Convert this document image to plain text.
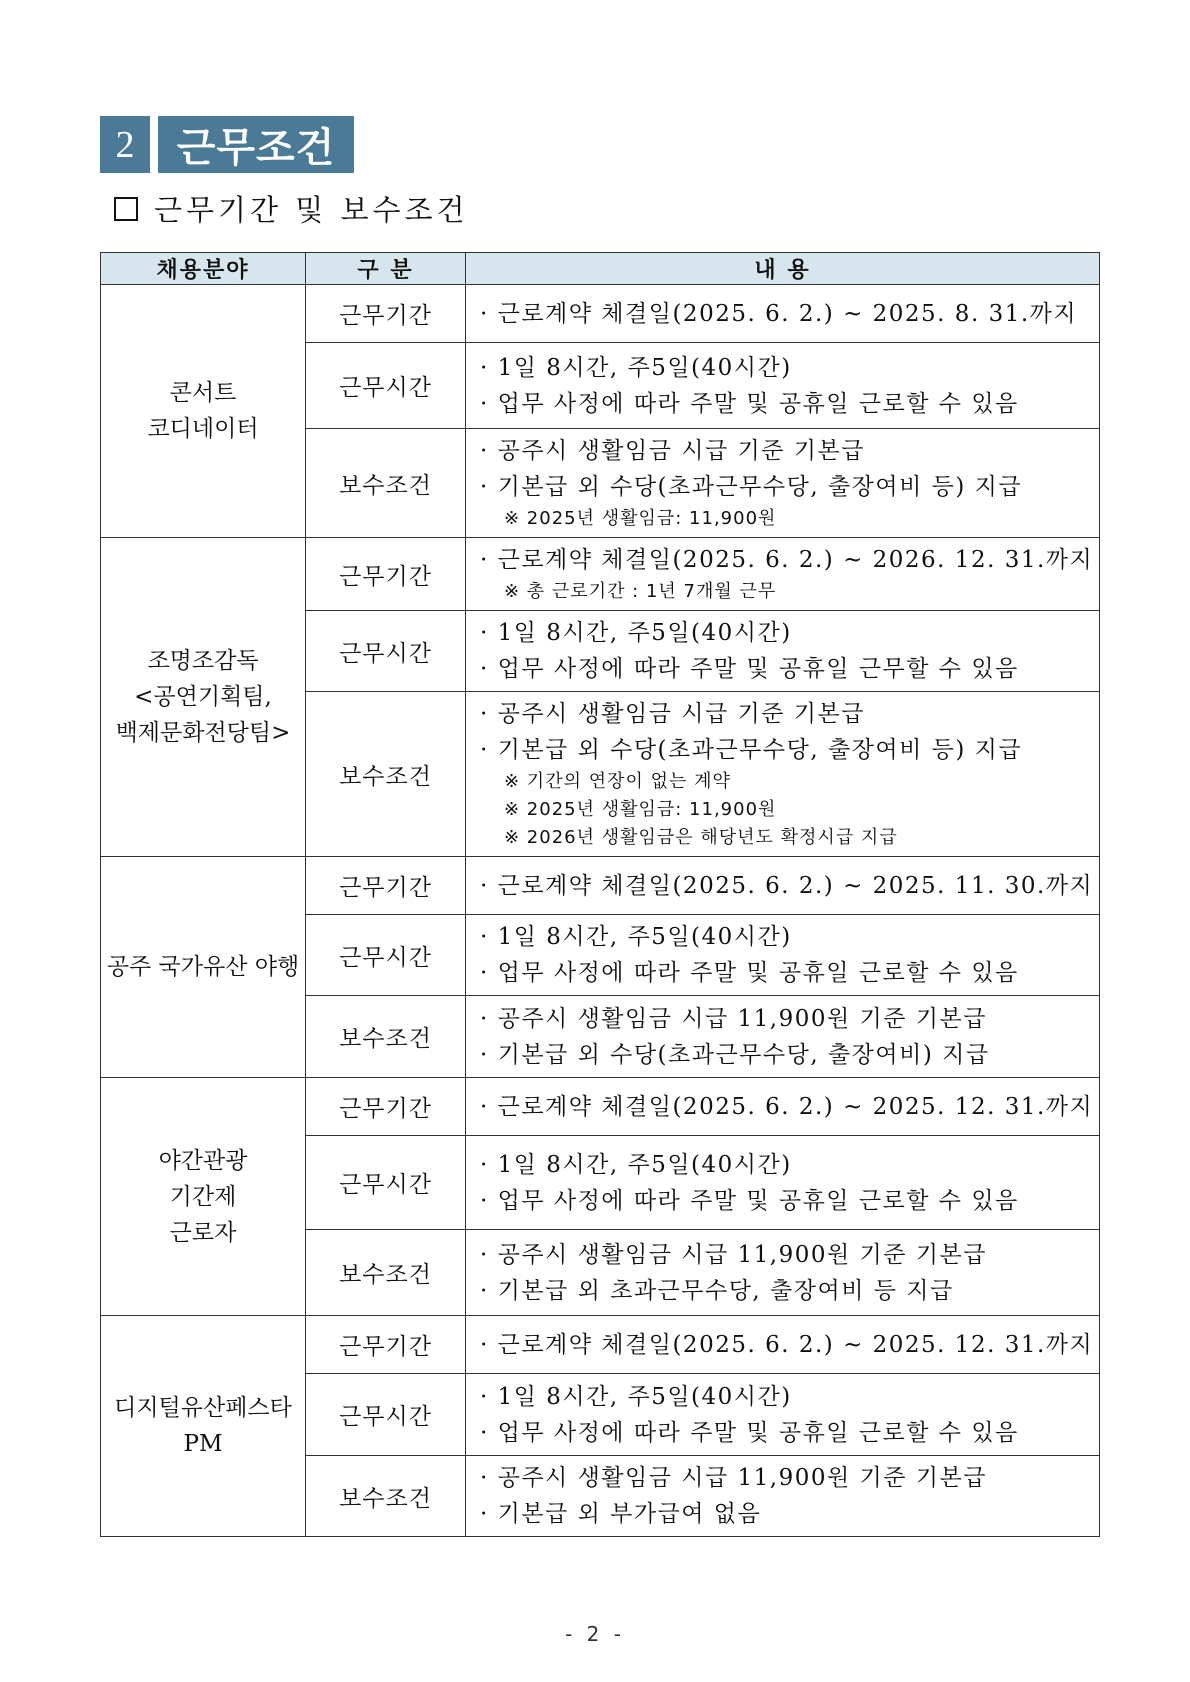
2	근무조건
근무기간 및 보수조건
채용분야	구 분	내 용

콘서트
코디네이터	근무기간	· 근로계약 체결일(2025. 6. 2.) ~ 2025. 8. 31.까지

	근무시간	· 1일 8시간, 주5일(40시간)
· 업무 사정에 따라 주말 및 공휴일 근로할 수 있음

	보수조건	· 공주시 생활임금 시급 기준 기본급
· 기본급 외 수당(초과근무수당, 출장여비 등) 지급
※ 2025년 생활임금: 11,900원

조명조감독
<공연기획팀,
백제문화전당팀>	근무기간	· 근로계약 체결일(2025. 6. 2.) ~ 2026. 12. 31.까지
※ 총 근로기간 : 1년 7개월 근무

	근무시간	· 1일 8시간, 주5일(40시간)
· 업무 사정에 따라 주말 및 공휴일 근무할 수 있음

	보수조건	· 공주시 생활임금 시급 기준 기본급
· 기본급 외 수당(초과근무수당, 출장여비 등) 지급
※ 기간의 연장이 없는 계약
※ 2025년 생활임금: 11,900원
※ 2026년 생활임금은 해당년도 확정시급 지급

공주 국가유산 야행	근무기간	· 근로계약 체결일(2025. 6. 2.) ~ 2025. 11. 30.까지

	근무시간	· 1일 8시간, 주5일(40시간)
· 업무 사정에 따라 주말 및 공휴일 근로할 수 있음

	보수조건	· 공주시 생활임금 시급 11,900원 기준 기본급
· 기본급 외 수당(초과근무수당, 출장여비) 지급

야간관광
기간제
근로자	근무기간	· 근로계약 체결일(2025. 6. 2.) ~ 2025. 12. 31.까지

	근무시간	· 1일 8시간, 주5일(40시간)
· 업무 사정에 따라 주말 및 공휴일 근로할 수 있음

	보수조건	· 공주시 생활임금 시급 11,900원 기준 기본급
· 기본급 외 초과근무수당, 출장여비 등 지급

디지털유산페스타
PM	근무기간	· 근로계약 체결일(2025. 6. 2.) ~ 2025. 12. 31.까지

	근무시간	· 1일 8시간, 주5일(40시간)
· 업무 사정에 따라 주말 및 공휴일 근로할 수 있음

	보수조건	· 공주시 생활임금 시급 11,900원 기준 기본급
· 기본급 외 부가급여 없음
- 2 -
